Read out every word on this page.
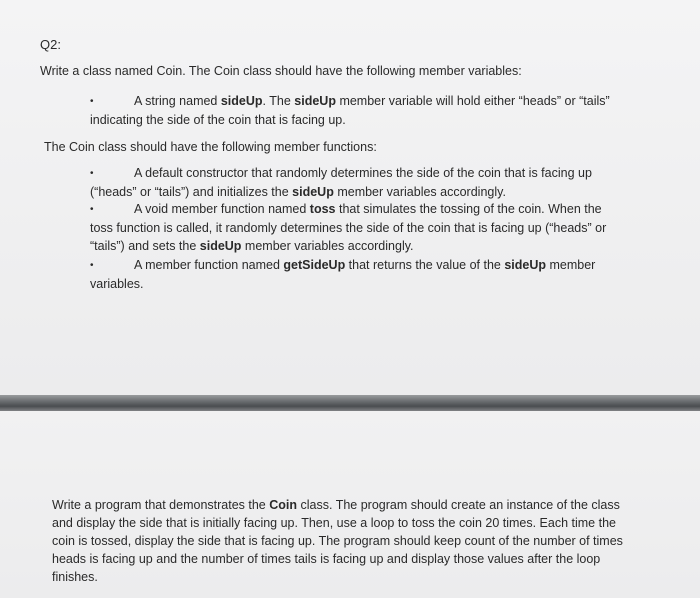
Q2:

Write a class named Coin. The Coin class should have the following member variables:

•	A string named sideUp. The sideUp member variable will hold either “heads” or “tails”
indicating the side of the coin that is facing up.

The Coin class should have the following member functions:

•	A default constructor that randomly determines the side of the coin that is facing up
(“heads” or “tails”) and initializes the sideUp member variables accordingly.
•	A void member function named toss that simulates the tossing of the coin. When the
toss function is called, it randomly determines the side of the coin that is facing up (“heads” or
“tails”) and sets the sideUp member variables accordingly.
•	A member function named getSideUp that returns the value of the sideUp member
variables.
Write a program that demonstrates the Coin class. The program should create an instance of the class
and display the side that is initially facing up. Then, use a loop to toss the coin 20 times. Each time the
coin is tossed, display the side that is facing up. The program should keep count of the number of times
heads is facing up and the number of times tails is facing up and display those values after the loop
finishes.
